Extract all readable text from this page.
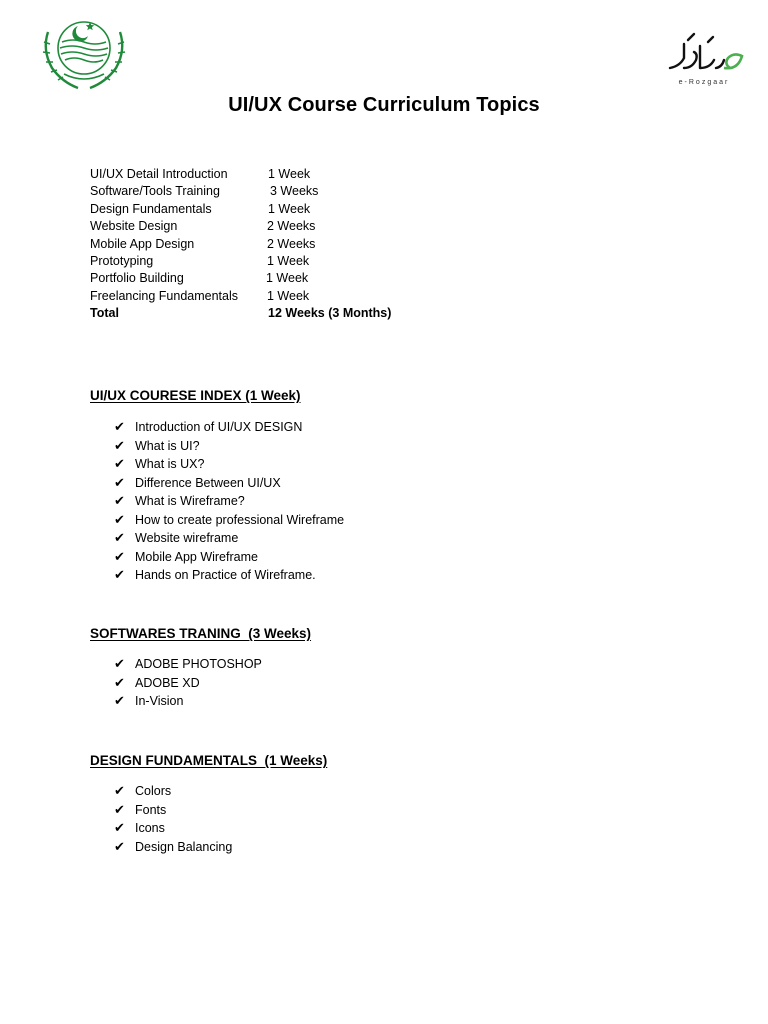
e-Rozgaar
UI/UX Course Curriculum Topics
UI/UX Detail Introduction	1 Week
Software/Tools Training	3 Weeks
Design Fundamentals	1 Week
Website Design	2 Weeks
Mobile App Design	2 Weeks
Prototyping	1 Week
Portfolio Building	1 Week
Freelancing Fundamentals	1 Week
Total	12 Weeks (3 Months)
UI/UX COURESE INDEX (1 Week)
✔ Introduction of UI/UX DESIGN
✔ What is UI?
✔ What is UX?
✔ Difference Between UI/UX
✔ What is Wireframe?
✔ How to create professional Wireframe
✔ Website wireframe
✔ Mobile App Wireframe
✔ Hands on Practice of Wireframe.
SOFTWARES TRANING  (3 Weeks)
✔ ADOBE PHOTOSHOP
✔ ADOBE XD
✔ In-Vision
DESIGN FUNDAMENTALS  (1 Weeks)
✔ Colors
✔ Fonts
✔ Icons
✔ Design Balancing
